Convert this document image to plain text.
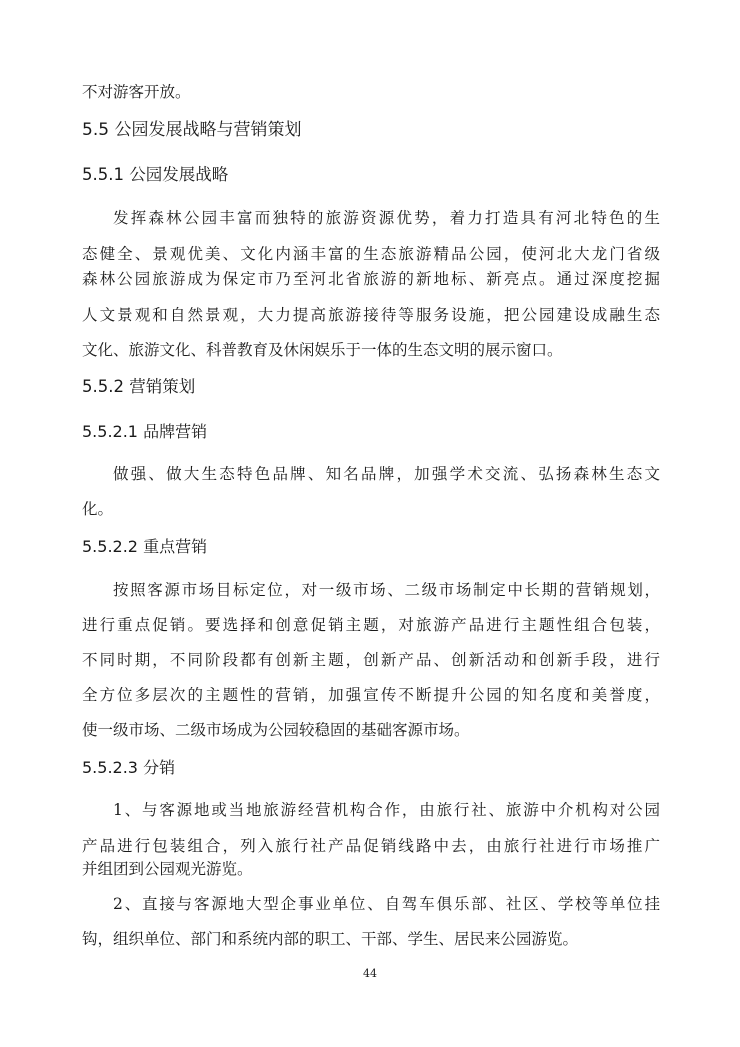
不对游客开放。
5.5 公园发展战略与营销策划
5.5.1 公园发展战略
发挥森林公园丰富而独特的旅游资源优势，着力打造具有河北特色的生
态健全、景观优美、文化内涵丰富的生态旅游精品公园，使河北大龙门省级
森林公园旅游成为保定市乃至河北省旅游的新地标、新亮点。通过深度挖掘
人文景观和自然景观，大力提高旅游接待等服务设施，把公园建设成融生态
文化、旅游文化、科普教育及休闲娱乐于一体的生态文明的展示窗口。
5.5.2 营销策划
5.5.2.1 品牌营销
做强、做大生态特色品牌、知名品牌，加强学术交流、弘扬森林生态文
化。
5.5.2.2 重点营销
按照客源市场目标定位，对一级市场、二级市场制定中长期的营销规划，
进行重点促销。要选择和创意促销主题，对旅游产品进行主题性组合包装，
不同时期，不同阶段都有创新主题，创新产品、创新活动和创新手段，进行
全方位多层次的主题性的营销，加强宣传不断提升公园的知名度和美誉度，
使一级市场、二级市场成为公园较稳固的基础客源市场。
5.5.2.3 分销
1、与客源地或当地旅游经营机构合作，由旅行社、旅游中介机构对公园
产品进行包装组合，列入旅行社产品促销线路中去，由旅行社进行市场推广
并组团到公园观光游览。
2、直接与客源地大型企事业单位、自驾车俱乐部、社区、学校等单位挂
钩，组织单位、部门和系统内部的职工、干部、学生、居民来公园游览。
44
